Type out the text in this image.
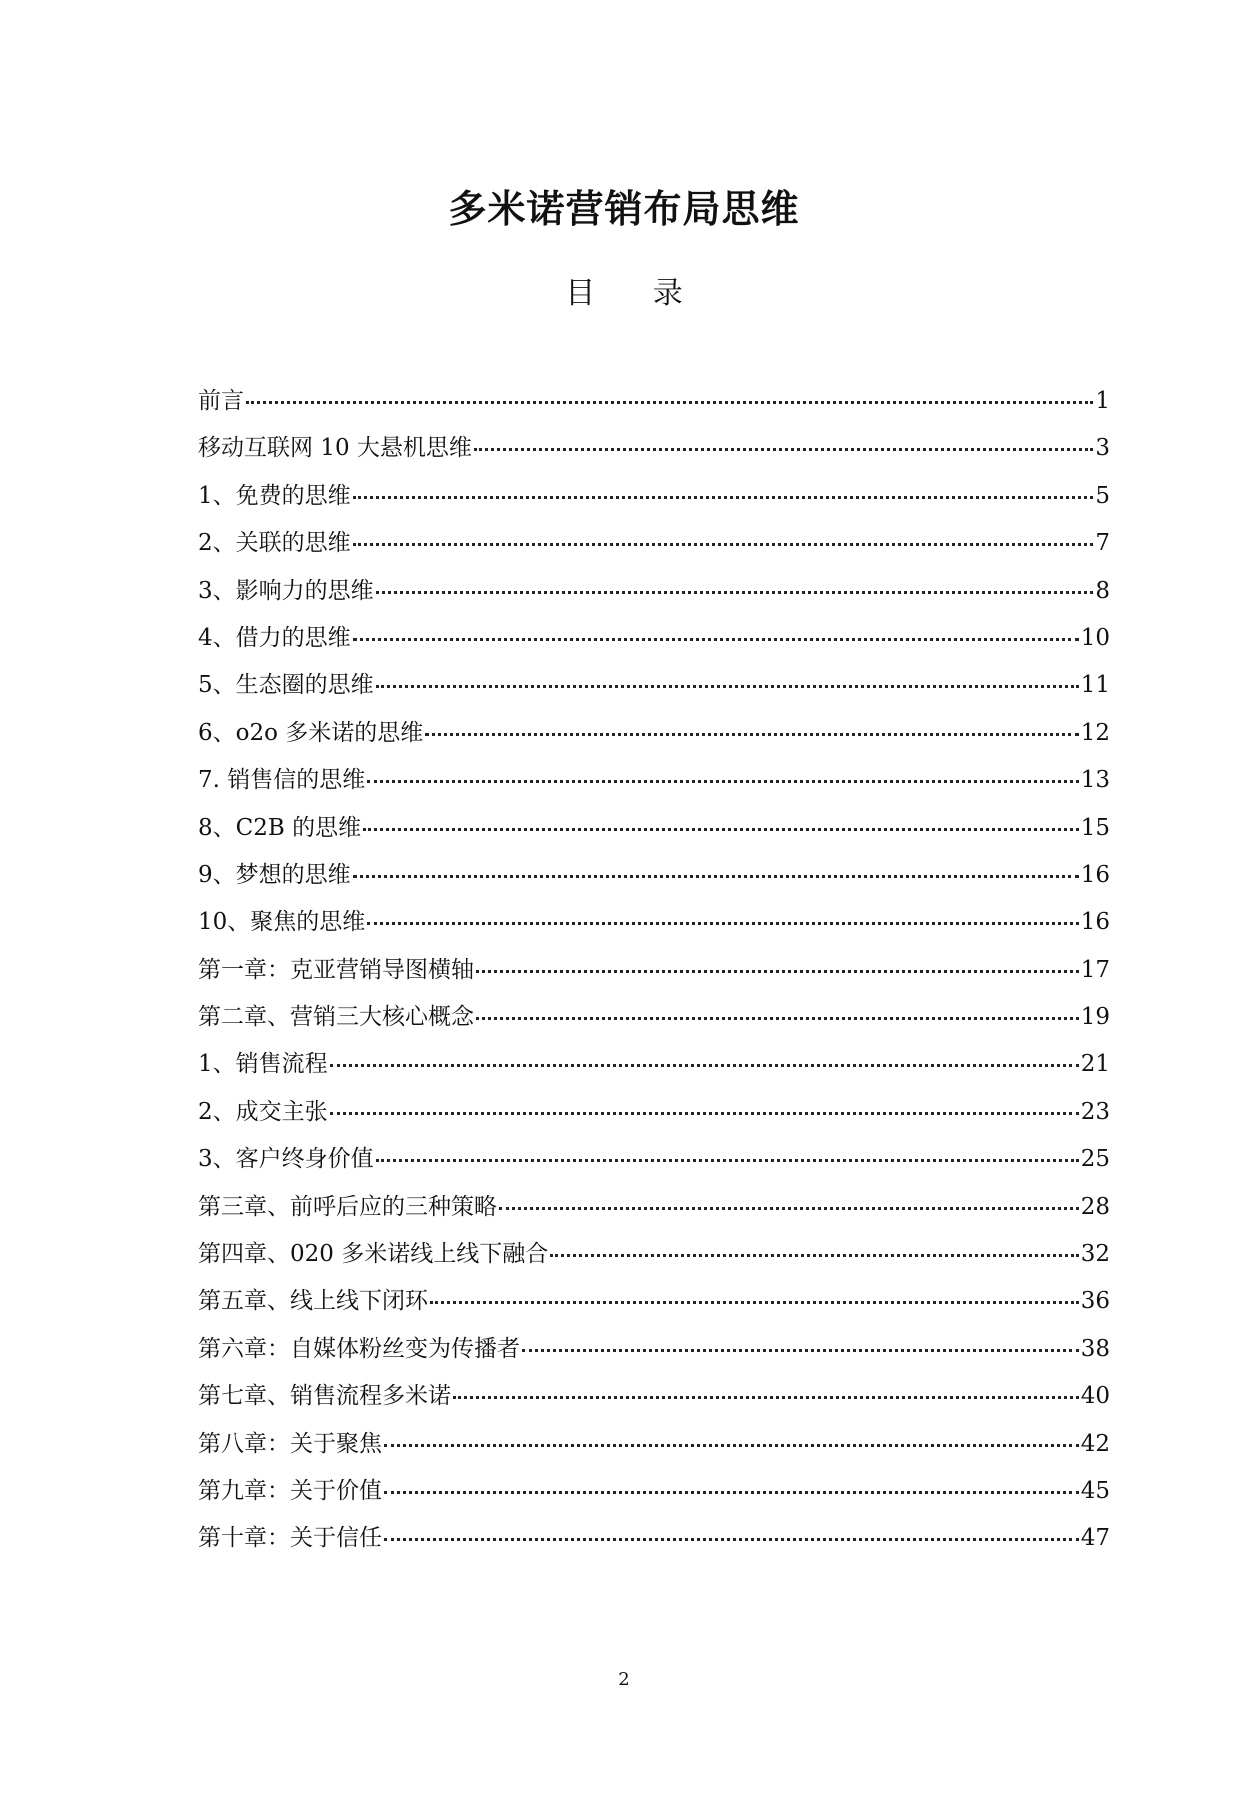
多米诺营销布局思维
目 录
前言	1
移动互联网 10 大悬机思维	3
1、免费的思维	5
2、关联的思维	7
3、影响力的思维	8
4、借力的思维	10
5、生态圈的思维	11
6、o2o 多米诺的思维	12
7. 销售信的思维	13
8、C2B 的思维	15
9、梦想的思维	16
10、聚焦的思维	16
第一章：克亚营销导图横轴	17
第二章、营销三大核心概念	19
1、销售流程	21
2、成交主张	23
3、客户终身价值	25
第三章、前呼后应的三种策略	28
第四章、020 多米诺线上线下融合	32
第五章、线上线下闭环	36
第六章：自媒体粉丝变为传播者	38
第七章、销售流程多米诺	40
第八章：关于聚焦	42
第九章：关于价值	45
第十章：关于信任	47
2
